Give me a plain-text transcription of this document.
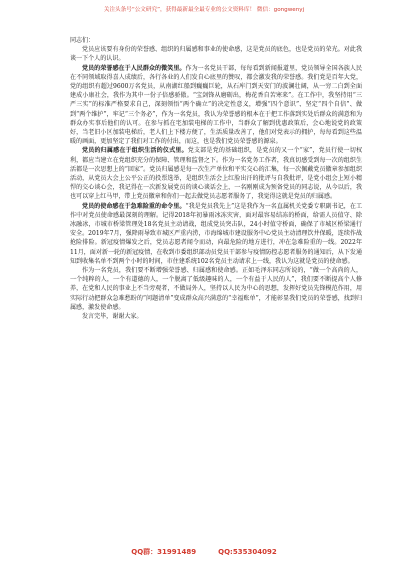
关注头条号“公文研究”，获得最新最全最专业的公文资料库！ 微信：gongwenyj

同志们：

党员应该要有身份的荣誉感、组织的归属感和事业的使命感，这是党员的底色，也是党员的荣光。对此我谈一下个人的认识。

党员的荣誉感在于人民群众的微笑里。作为一名党员干部，每每看到新闻报道里，党员领导全国各族人民在不同领域取得喜人成绩后，各行各业的人们发自心底里的赞叹，都会激发我的荣誉感。我们党是百年大党，党的组织有超过9600万名党员，从南湖红船到巍巍巨轮，从石库门到天安门的波澜壮阔，从一穷二白到全面建成小康社会，我作为其中一份子倍感骄傲。“宝剑锋从磨砺出，梅花香自苦寒来”。在工作中，我坚持用“三严三实”的标准严格要求自己，深刻领悟“两个确立”的决定性意义，增强“四个意识”、坚定“四个自信”、做到“两个维护”，牢记“三个务必”，作为一名党员，我认为荣誉感的根本在于把工作落到实处后群众的满意和为群众办实事后他们的认可。在参与抓在宅加装电梯的工作中，当群众了解到优惠政策后，会心地说党的政策好，当老旧小区加装电梯后，老人们上下楼方便了，生活质量改善了，他们对党表示的拥护，每每看到这些温暖的画面，更加坚定了我们对工作的付出，而这，也是我们党员荣誉感的源泉。

党员的归属感在于组织生活的仪式里。党支部是党的基础组织，是党员的又一个“家”，党员行使一切权利，都应当建立在党组织充分的保障、管理和监督之下。作为一名党务工作者，我真切感受到每一次的组织生活都是一次思想上的“回家”。党员归属感是每一次生产单位和平实交心的汇集，每一次佩戴党员徽章参加组织活动，从党员大会上公平公正的投票选举，是组织生活会上红脸出汗的批评与自我批评，是党小组会上短小精悍的交心谈心会，我记得在一次新发展党员的谈心谈话会上，一名刚刚成为预备党员的同志说，从今以后，我也可以穿上红马甲，带上党员徽章和你们一起去做党员志愿者服务了，我觉得这就是党员的归属感。

党员的使命感在于急难险重的命令里。“我是党员我先上”这是我作为一名直属机关党委专职副书记，在工作中对党员使命感最深刻的理解。记得2018年初暴雨冰冻灾害，面对最容易结冻的桥面，给需人员值守、除冰融冰，市城市桥梁管理处18名党员主动请战，组成党员突击队，24小时值守桥面，确保了市城区桥梁通行安全。2019年7月，强降雨导致市城区严重内涝，市海绵城市建设服务中心党员主动清理饮井保暖，连续作战抢险排险。新冠疫情爆发之后，党员志愿者闻令而动，向最危险的地方进行，冲在急难险重的一线。2022年11月，面对新一轮的新冠疫情，在收到市委组织部动员党员干部参与疫情防控志愿者服务的通知后，从下发通知到收集名单不到两个小时的时间，市住建系统102名党员主动请求上一线，我认为这就是党员的使命感。

作为一名党员，我们要不断增强荣誉感、归属感和使命感。正如毛泽东同志所说的，“做一个高尚的人，一个纯粹的人，一个有道德的人，一个脱离了低级趣味的人，一个有益于人民的人”，我们要不断提高个人修养，在党和人民的事业上不当旁观者，不做局外人，坚持以人民为中心的思想，发挥好党员先锋模范作用，用实际行动把群众急难愁盼的“问题清单”变成群众高兴满意的“幸福账单”，才能彰显我们党员的荣誉感，找到归属感，激发使命感。

发言完毕，谢谢大家。

QQ群：31991489	QQ:535304092
